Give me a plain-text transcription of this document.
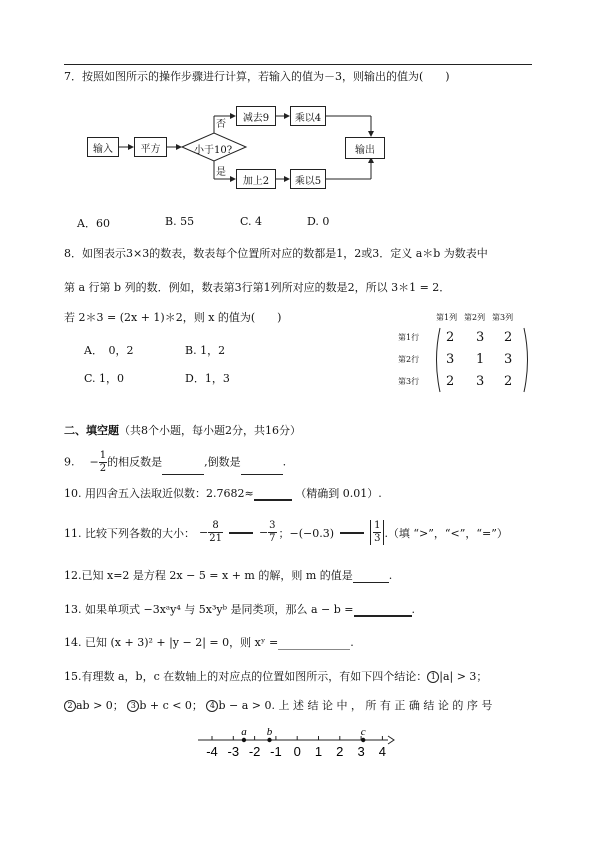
7．按照如图所示的操作步骤进行计算，若输入的值为－3，则输出的值为(　　)
输入	平方	小于10?
否
是
减去9	乘以4
加上2	乘以5
输出
A．60	B. 55	C. 4	D. 0
8．如图表示3×3的数表，数表每个位置所对应的数都是1，2或3．定义 a＊b 为数表中
第 a 行第 b 列的数．例如，数表第3行第1列所对应的数是2，所以 3＊1 = 2．
若 2＊3 = (2x + 1)＊2，则 x 的值为(　　)
A．　0，2	B. 1，2
C. 1，0	D．1，3
第1列 第2列 第3列
第1行
第2行
第3行
2 3 2
3 1 3
2 3 2
二、填空题（共8个小题，每小题2分，共16分）
9. − $\frac{1}{2}$ 的相反数是	,倒数是	.
10. 用四舍五入法取近似数：2.7682≈	（精确到 0.01）.
11. 比较下列各数的大小： − $\frac{8}{21}$	− $\frac{3}{7}$ ；−(−0.3)	$\frac{1}{3}$ .（填 “>”，“<”，“=”）
12.已知 x=2 是方程 2x − 5 = x + m 的解，则 m 的值是	.
13. 如果单项式 −3xᵃy⁴ 与 5x³yᵇ 是同类项，那么 a − b =	.
14. 已知 (x + 3)² + |y − 2| = 0，则 xʸ =	.
15.有理数 a，b，c 在数轴上的对应点的位置如图所示，有如下四个结论： 1 |a| > 3；
2 ab > 0； 3 b + c < 0； 4 b − a > 0. 上 述 结 论 中 ， 所 有 正 确 结 论 的 序 号
-4 -3 -2 -1 0 1 2 3 4
a b	c
